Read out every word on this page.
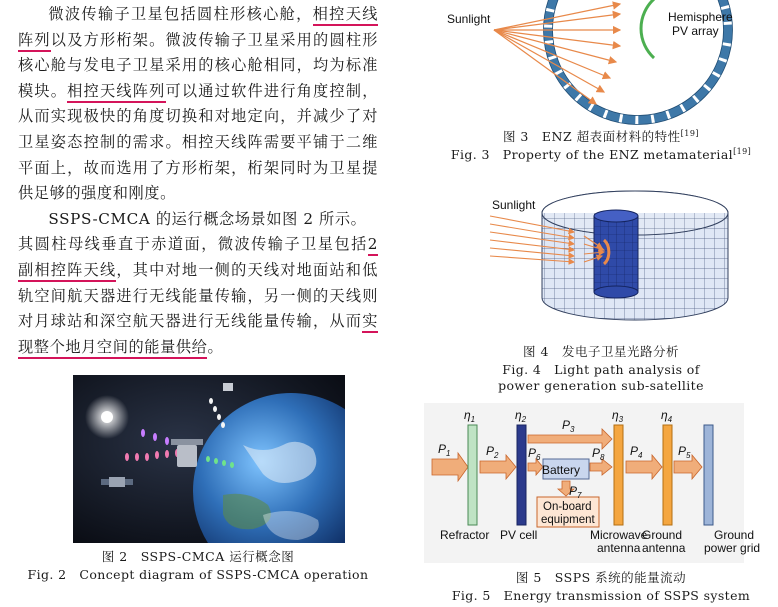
微波传输子卫星包括圆柱形核心舱，相控天线阵列以及方形桁架。微波传输子卫星采用的圆柱形核心舱与发电子卫星采用的核心舱相同，均为标准模块。相控天线阵列可以通过软件进行角度控制，从而实现极快的角度切换和对地定向，并减少了对卫星姿态控制的需求。相控天线阵需要平铺于二维平面上，故而选用了方形桁架，桁架同时为卫星提供足够的强度和刚度。

SSPS-CMCA 的运行概念场景如图 2 所示。

其圆柱母线垂直于赤道面，微波传输子卫星包括2 副相控阵天线，其中对地一侧的天线对地面站和低轨空间航天器进行无线能量传输，另一侧的天线则对月球站和深空航天器进行无线能量传输，从而实现整个地月空间的能量供给。

图 2　SSPS-CMCA 运行概念图
Fig. 2　Concept diagram of SSPS-CMCA operation
Sunlight	Hemisphere
PV array
图 3　ENZ 超表面材料的特性[19]
Fig. 3　Property of the ENZ metamaterial[19]
Sunlight
图 4　发电子卫星光路分析
Fig. 4　Light path analysis of
power generation sub-satellite
Battery
On-board
equipment
Refractor PV cell	Microwave
antenna
Ground
antenna
Ground
power grid
$\eta_1$	$\eta_2$	$\eta_3$	$\eta_4$
$P_1$	$P_2$
$P_3$
$P_4$	$P_5$
$P_6$
$P_7$
$P_8$
图 5　SSPS 系统的能量流动
Fig. 5　Energy transmission of SSPS system
